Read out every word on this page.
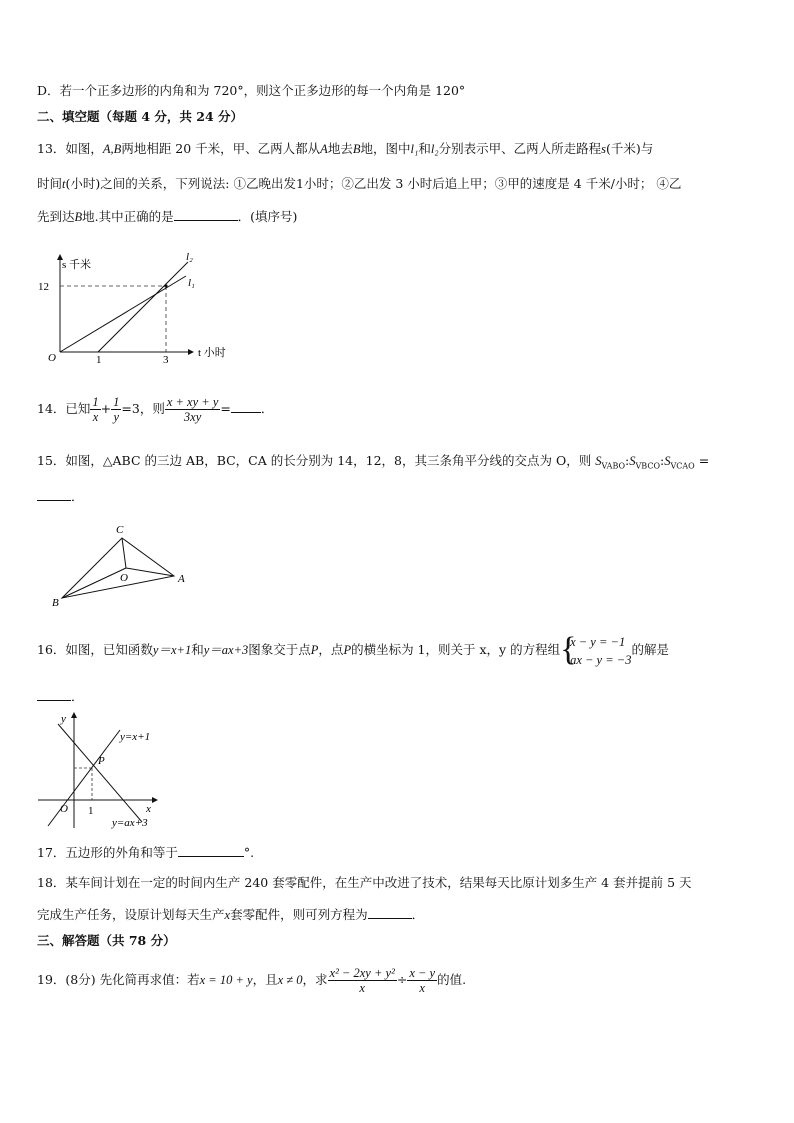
D．若一个正多边形的内角和为 720°，则这个正多边形的每一个内角是 120°
二、填空题（每题 4 分，共 24 分）
13．如图，A,B两地相距 20 千米，甲、乙两人都从A地去B地，图中l₁和l₂分别表示甲、乙两人所走路程s(千米)与
时间t(小时)之间的关系，下列说法: ①乙晚出发1小时；②乙出发 3 小时后追上甲；③甲的速度是 4 千米/小时； ④乙
先到达B地.其中正确的是	．(填序号)
s 千米
t 小时
O
12
1	3
l₂
l₁
14．已知 $\frac{1}{x} + \frac{1}{y} =3$，则 $\frac{x + xy + y}{3xy}$ = ．
15．如图，△ABC 的三边 AB，BC，CA 的长分别为 14，12，8，其三条角平分线的交点为 O，则 $S_{VABO}:S_{VBCO}:S_{VCAO}$ =
．
C
O	A
B
16．如图，已知函数y＝x+1和y＝ax+3图象交于点P，点P的横坐标为 1，则关于 x，y 的方程组 {
x − y = −1
ax − y = −3
的解是
．
y
x
O 1
P
y=x+1
y=ax+3
17．五边形的外角和等于	°.
18．某车间计划在一定的时间内生产 240 套零配件，在生产中改进了技术，结果每天比原计划多生产 4 套并提前 5 天
完成生产任务，设原计划每天生产x套零配件，则可列方程为	．
三、解答题（共 78 分）
19．(8分) 先化简再求值：若x = 10 + y，且x ≠ 0，求 $\frac{\text{x² − 2xy + y²}}{x} \div \frac{x - y}{x}$ 的值.
